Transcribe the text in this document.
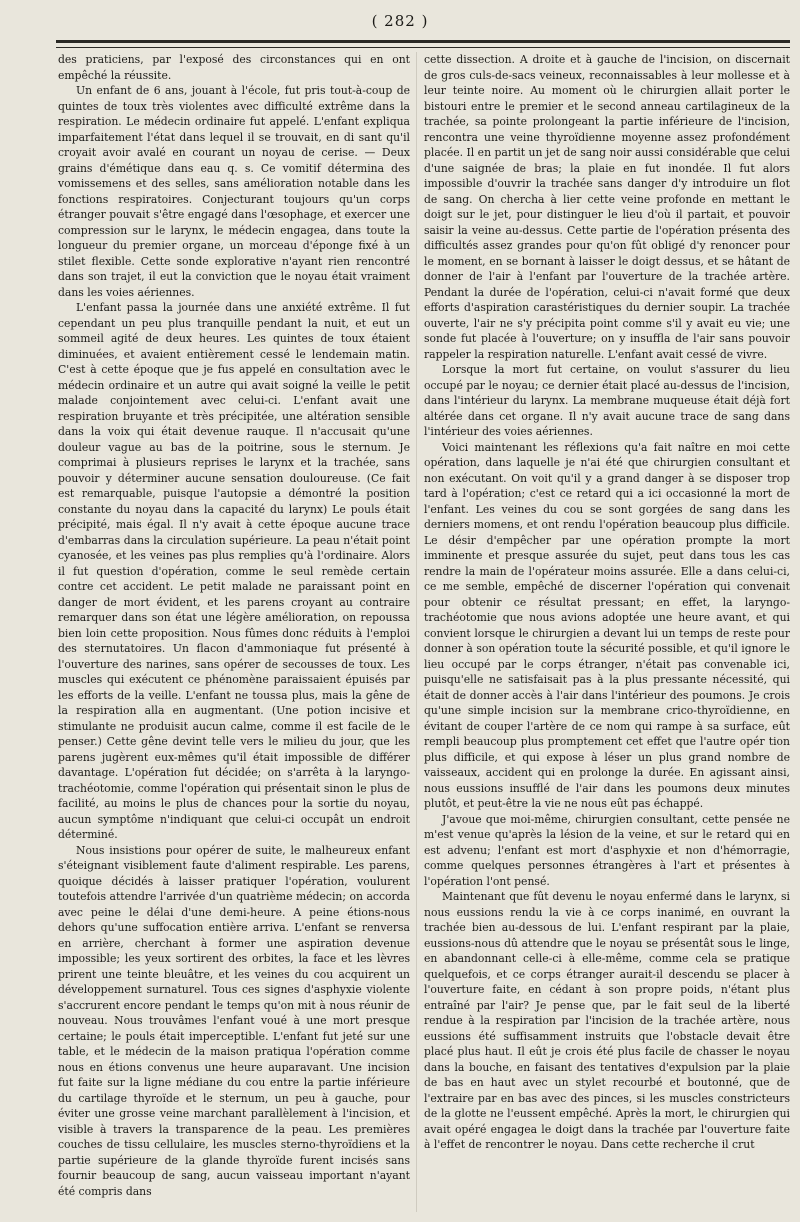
( 282 )

des praticiens, par l'exposé des circonstances qui en ont empêché la réussite.

Un enfant de 6 ans, jouant à l'école, fut pris tout-à-coup de quintes de toux très violentes avec difficulté extrême dans la respiration. Le médecin ordinaire fut appelé. L'enfant expliqua imparfaitement l'état dans lequel il se trouvait, en di sant qu'il croyait avoir avalé en courant un noyau de cerise. — Deux grains d'émétique dans eau q. s. Ce vomitif détermina des vomissemens et des selles, sans amélioration notable dans les fonctions respiratoires. Conjecturant toujours qu'un corps étranger pouvait s'être engagé dans l'œsophage, et exercer une compression sur le larynx, le médecin engagea, dans toute la longueur du premier organe, un morceau d'éponge fixé à un stilet flexible. Cette sonde explorative n'ayant rien rencontré dans son trajet, il eut la conviction que le noyau était vraiment dans les voies aériennes.

L'enfant passa la journée dans une anxiété extrême. Il fut cependant un peu plus tranquille pendant la nuit, et eut un sommeil agité de deux heures. Les quintes de toux étaient diminuées, et avaient entièrement cessé le lendemain matin. C'est à cette époque que je fus appelé en consultation avec le médecin ordinaire et un autre qui avait soigné la veille le petit malade conjointement avec celui-ci. L'enfant avait une respiration bruyante et très précipitée, une altération sensible dans la voix qui était devenue rauque. Il n'accusait qu'une douleur vague au bas de la poitrine, sous le sternum. Je comprimai à plusieurs reprises le larynx et la trachée, sans pouvoir y déterminer aucune sensation douloureuse. (Ce fait est remarquable, puisque l'autopsie a démontré la position constante du noyau dans la capacité du larynx) Le pouls était précipité, mais égal. Il n'y avait à cette époque aucune trace d'embarras dans la circulation supérieure. La peau n'était point cyanosée, et les veines pas plus remplies qu'à l'ordinaire. Alors il fut question d'opération, comme le seul remède certain contre cet accident. Le petit malade ne paraissant point en danger de mort évident, et les parens croyant au contraire remarquer dans son état une légère amélioration, on repoussa bien loin cette proposition. Nous fûmes donc réduits à l'emploi des sternutatoires. Un flacon d'ammoniaque fut présenté à l'ouverture des narines, sans opérer de secousses de toux. Les muscles qui exécutent ce phénomène paraissaient épuisés par les efforts de la veille. L'enfant ne toussa plus, mais la gêne de la respiration alla en augmentant. (Une potion incisive et stimulante ne produisit aucun calme, comme il est facile de le penser.) Cette gêne devint telle vers le milieu du jour, que les parens jugèrent eux-mêmes qu'il était impossible de différer davantage. L'opération fut décidée; on s'arrêta à la laryngo-trachéotomie, comme l'opération qui présentait sinon le plus de facilité, au moins le plus de chances pour la sortie du noyau, aucun symptôme n'indiquant que celui-ci occupât un endroit déterminé.

Nous insistions pour opérer de suite, le malheureux enfant s'éteignant visiblement faute d'aliment respirable. Les parens, quoique décidés à laisser pratiquer l'opération, voulurent toutefois attendre l'arrivée d'un quatrième médecin; on accorda avec peine le délai d'une demi-heure. A peine étions-nous dehors qu'une suffocation entière arriva. L'enfant se renversa en arrière, cherchant à former une aspiration devenue impossible; les yeux sortirent des orbites, la face et les lèvres prirent une teinte bleuâtre, et les veines du cou acquirent un développement surnaturel. Tous ces signes d'asphyxie violente s'accrurent encore pendant le temps qu'on mit à nous réunir de nouveau. Nous trouvâmes l'enfant voué à une mort presque certaine; le pouls était imperceptible. L'enfant fut jeté sur une table, et le médecin de la maison pratiqua l'opération comme nous en étions convenus une heure auparavant. Une incision fut faite sur la ligne médiane du cou entre la partie inférieure du cartilage thyroïde et le sternum, un peu à gauche, pour éviter une grosse veine marchant parallèlement à l'incision, et visible à travers la transparence de la peau. Les premières couches de tissu cellulaire, les muscles sterno-thyroïdiens et la partie supérieure de la glande thyroïde furent incisés sans fournir beaucoup de sang, aucun vaisseau important n'ayant été compris dans

cette dissection. A droite et à gauche de l'incision, on discernait de gros culs-de-sacs veineux, reconnaissables à leur mollesse et à leur teinte noire. Au moment où le chirurgien allait porter le bistouri entre le premier et le second anneau cartilagineux de la trachée, sa pointe prolongeant la partie inférieure de l'incision, rencontra une veine thyroïdienne moyenne assez profondément placée. Il en partit un jet de sang noir aussi considérable que celui d'une saignée de bras; la plaie en fut inondée. Il fut alors impossible d'ouvrir la trachée sans danger d'y introduire un flot de sang. On chercha à lier cette veine profonde en mettant le doigt sur le jet, pour distinguer le lieu d'où il partait, et pouvoir saisir la veine au-dessus. Cette partie de l'opération présenta des difficultés assez grandes pour qu'on fût obligé d'y renoncer pour le moment, en se bornant à laisser le doigt dessus, et se hâtant de donner de l'air à l'enfant par l'ouverture de la trachée artère. Pendant la durée de l'opération, celui-ci n'avait formé que deux efforts d'aspiration carastéristiques du dernier soupir. La trachée ouverte, l'air ne s'y précipita point comme s'il y avait eu vie; une sonde fut placée à l'ouverture; on y insuffla de l'air sans pouvoir rappeler la respiration naturelle. L'enfant avait cessé de vivre.

Lorsque la mort fut certaine, on voulut s'assurer du lieu occupé par le noyau; ce dernier était placé au-dessus de l'incision, dans l'intérieur du larynx. La membrane muqueuse était déjà fort altérée dans cet organe. Il n'y avait aucune trace de sang dans l'intérieur des voies aériennes.

Voici maintenant les réflexions qu'a fait naître en moi cette opération, dans laquelle je n'ai été que chirurgien consultant et non exécutant. On voit qu'il y a grand danger à se disposer trop tard à l'opération; c'est ce retard qui a ici occasionné la mort de l'enfant. Les veines du cou se sont gorgées de sang dans les derniers momens, et ont rendu l'opération beaucoup plus difficile. Le désir d'empêcher par une opération prompte la mort imminente et presque assurée du sujet, peut dans tous les cas rendre la main de l'opérateur moins assurée. Elle a dans celui-ci, ce me semble, empêché de discerner l'opération qui convenait pour obtenir ce résultat pressant; en effet, la laryngo-trachéotomie que nous avions adoptée une heure avant, et qui convient lorsque le chirurgien a devant lui un temps de reste pour donner à son opération toute la sécurité possible, et qu'il ignore le lieu occupé par le corps étranger, n'était pas convenable ici, puisqu'elle ne satisfaisait pas à la plus pressante nécessité, qui était de donner accès à l'air dans l'intérieur des poumons. Je crois qu'une simple incision sur la membrane crico-thyroïdienne, en évitant de couper l'artère de ce nom qui rampe à sa surface, eût rempli beaucoup plus promptement cet effet que l'autre opér tion plus difficile, et qui expose à léser un plus grand nombre de vaisseaux, accident qui en prolonge la durée. En agissant ainsi, nous eussions insufflé de l'air dans les poumons deux minutes plutôt, et peut-être la vie ne nous eût pas échappé.

J'avoue que moi-même, chirurgien consultant, cette pensée ne m'est venue qu'après la lésion de la veine, et sur le retard qui en est advenu; l'enfant est mort d'asphyxie et non d'hémorragie, comme quelques personnes étrangères à l'art et présentes à l'opération l'ont pensé.

Maintenant que fût devenu le noyau enfermé dans le larynx, si nous eussions rendu la vie à ce corps inanimé, en ouvrant la trachée bien au-dessous de lui. L'enfant respirant par la plaie, eussions-nous dû attendre que le noyau se présentât sous le linge, en abandonnant celle-ci à elle-même, comme cela se pratique quelquefois, et ce corps étranger aurait-il descendu se placer à l'ouverture faite, en cédant à son propre poids, n'étant plus entraîné par l'air? Je pense que, par le fait seul de la liberté rendue à la respiration par l'incision de la trachée artère, nous eussions été suffisamment instruits que l'obstacle devait être placé plus haut. Il eût je crois été plus facile de chasser le noyau dans la bouche, en faisant des tentatives d'expulsion par la plaie de bas en haut avec un stylet recourbé et boutonné, que de l'extraire par en bas avec des pinces, si les muscles constricteurs de la glotte ne l'eussent empêché. Après la mort, le chirurgien qui avait opéré engagea le doigt dans la trachée par l'ouverture faite à l'effet de rencontrer le noyau. Dans cette recherche il crut
